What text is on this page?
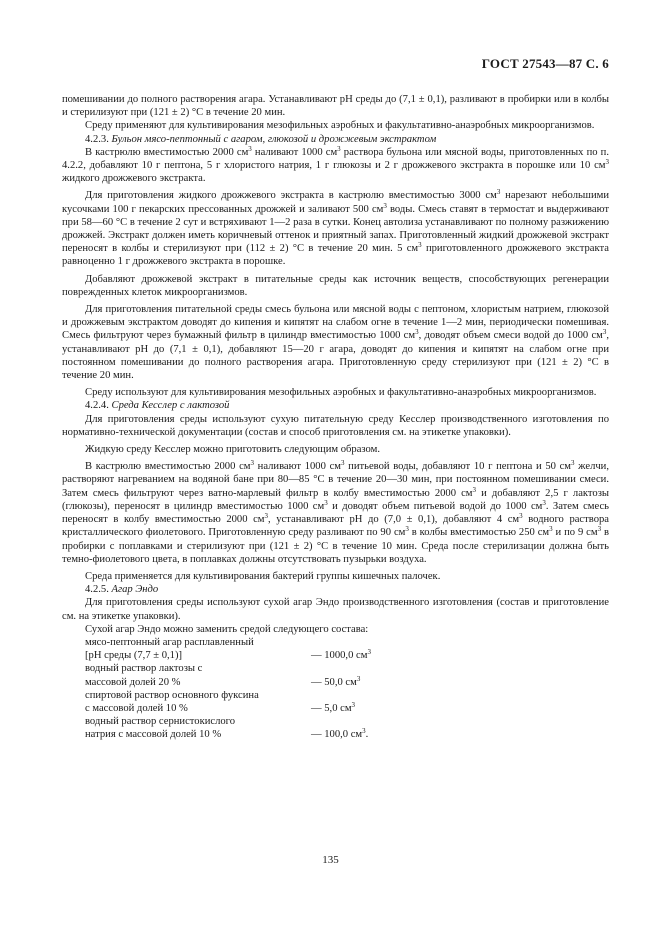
ГОСТ 27543—87 С. 6

помешивании до полного растворения агара. Устанавливают pH среды до (7,1 ± 0,1), разливают в пробирки или в колбы и стерилизуют при (121 ± 2) °С в течение 20 мин.

Среду применяют для культивирования мезофильных аэробных и факультативно-анаэробных микроорганизмов.

4.2.3. Бульон мясо-пептонный с агаром, глюкозой и дрожжевым экстрактом

В кастрюлю вместимостью 2000 $см^3$ наливают 1000 $см^3$ раствора бульона или мясной воды, приготовленных по п. 4.2.2, добавляют 10 г пептона, 5 г хлористого натрия, 1 г глюкозы и 2 г дрожжевого экстракта в порошке или 10 $см^3$ жидкого дрожжевого экстракта.

Для приготовления жидкого дрожжевого экстракта в кастрюлю вместимостью 3000 $см^3$ нарезают небольшими кусочками 100 г пекарских прессованных дрожжей и заливают 500 $см^3$ воды. Смесь ставят в термостат и выдерживают при 58—60 °С в течение 2 сут и встряхивают 1—2 раза в сутки. Конец автолиза устанавливают по полному разжижению дрожжей. Экстракт должен иметь коричневый оттенок и приятный запах. Приготовленный жидкий дрожжевой экстракт переносят в колбы и стерилизуют при (112 ± 2) °С в течение 20 мин. 5 $см^3$ приготовленного дрожжевого экстракта равноценно 1 г дрожжевого экстракта в порошке.

Добавляют дрожжевой экстракт в питательные среды как источник веществ, способствующих регенерации поврежденных клеток микроорганизмов.

Для приготовления питательной среды смесь бульона или мясной воды с пептоном, хлористым натрием, глюкозой и дрожжевым экстрактом доводят до кипения и кипятят на слабом огне в течение 1—2 мин, периодически помешивая. Смесь фильтруют через бумажный фильтр в цилиндр вместимостью 1000 $см^3$, доводят объем смеси водой до 1000 $см^3$, устанавливают pH до (7,1 ± 0,1), добавляют 15—20 г агара, доводят до кипения и кипятят на слабом огне при постоянном помешивании до полного растворения агара. Приготовленную среду стерилизуют при (121 ± 2) °С в течение 20 мин.

Среду используют для культивирования мезофильных аэробных и факультативно-анаэробных микроорганизмов.

4.2.4. Среда Кесслер с лактозой

Для приготовления среды используют сухую питательную среду Кесслер производственного изготовления по нормативно-технической документации (состав и способ приготовления см. на этикетке упаковки).

Жидкую среду Кесслер можно приготовить следующим образом.

В кастрюлю вместимостью 2000 $см^3$ наливают 1000 $см^3$ питьевой воды, добавляют 10 г пептона и 50 $см^3$ желчи, растворяют нагреванием на водяной бане при 80—85 °С в течение 20—30 мин, при постоянном помешивании смеси. Затем смесь фильтруют через ватно-марлевый фильтр в колбу вместимостью 2000 $см^3$ и добавляют 2,5 г лактозы (глюкозы), переносят в цилиндр вместимостью 1000 $см^3$ и доводят объем питьевой водой до 1000 $см^3$. Затем смесь переносят в колбу вместимостью 2000 $см^3$, устанавливают pH до (7,0 ± 0,1), добавляют 4 $см^3$ водного раствора кристаллического фиолетового. Приготовленную среду разливают по 90 $см^3$ в колбы вместимостью 250 $см^3$ и по 9 $см^3$ в пробирки с поплавками и стерилизуют при (121 ± 2) °С в течение 10 мин. Среда после стерилизации должна быть темно-фиолетового цвета, в поплавках должны отсутствовать пузырьки воздуха.

Среда применяется для культивирования бактерий группы кишечных палочек.

4.2.5. Агар Эндо

Для приготовления среды используют сухой агар Эндо производственного изготовления (состав и приготовление см. на этикетке упаковки).

Сухой агар Эндо можно заменить средой следующего состава:

мясо-пептонный агар расплавленный
[pH среды (7,7 ± 0,1)]	— 1000,0 $см^3$
водный раствор лактозы с
массовой долей 20 %	— 50,0 $см^3$
спиртовой раствор основного фуксина
с массовой долей 10 %	— 5,0 $см^3$
водный раствор сернистокислого
натрия с массовой долей 10 %	— 100,0 $см^3$.
135
